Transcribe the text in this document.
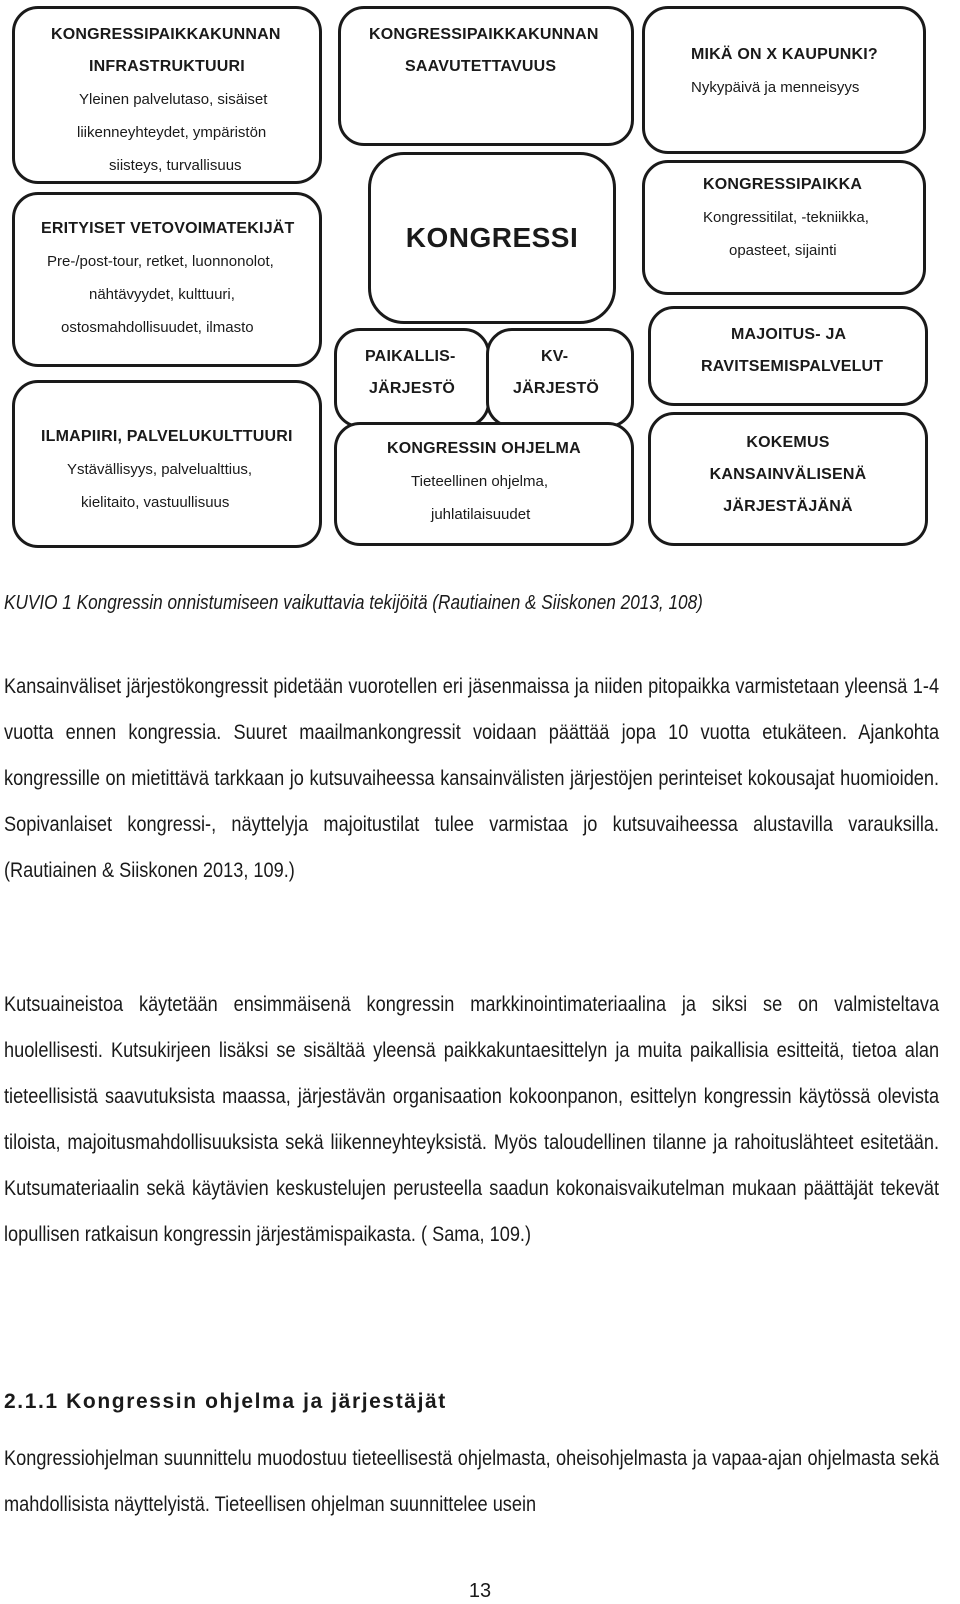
KONGRESSIPAIKKAKUNNAN
INFRASTRUKTUURI
Yleinen palvelutaso, sisäiset
liikenneyhteydet, ympäristön
siisteys, turvallisuus
KONGRESSIPAIKKAKUNNAN
SAAVUTETTAVUUS
MIKÄ ON X KAUPUNKI?
Nykypäivä ja menneisyys
ERITYISET VETOVOIMATEKIJÄT
Pre-/post-tour, retket, luonnonolot,
nähtävyydet, kulttuuri,
ostosmahdollisuudet, ilmasto
KONGRESSI
KONGRESSIPAIKKA
Kongressitilat, -tekniikka,
opasteet, sijainti
PAIKALLIS-
JÄRJESTÖ
KV-
JÄRJESTÖ
MAJOITUS- JA
RAVITSEMISPALVELUT
ILMAPIIRI, PALVELUKULTTUURI
Ystävällisyys, palvelualttius,
kielitaito, vastuullisuus
KONGRESSIN OHJELMA
Tieteellinen ohjelma,
juhlatilaisuudet
KOKEMUS
KANSAINVÄLISENÄ
JÄRJESTÄJÄNÄ
KUVIO 1 Kongressin onnistumiseen vaikuttavia tekijöitä (Rautiainen & Siiskonen 2013, 108)

Kansainväliset järjestökongressit pidetään vuorotellen eri jäsenmaissa ja niiden pitopaikka varmistetaan yleensä 1-4 vuotta ennen kongressia. Suuret maailmankongressit voidaan päättää jopa 10 vuotta etukäteen. Ajankohta kongressille on mietittävä tarkkaan jo kutsuvaiheessa kansainvälisten järjestöjen perinteiset kokousajat huomioiden. Sopivanlaiset kongressi-, näyttelyja majoitustilat tulee varmistaa jo kutsuvaiheessa alustavilla varauksilla. (Rautiainen & Siiskonen 2013, 109.)

Kutsuaineistoa käytetään ensimmäisenä kongressin markkinointimateriaalina ja siksi se on valmisteltava huolellisesti. Kutsukirjeen lisäksi se sisältää yleensä paikkakuntaesittelyn ja muita paikallisia esitteitä, tietoa alan tieteellisistä saavutuksista maassa, järjestävän organisaation kokoonpanon, esittelyn kongressin käytössä olevista tiloista, majoitusmahdollisuuksista sekä liikenneyhteyksistä. Myös taloudellinen tilanne ja rahoituslähteet esitetään. Kutsumateriaalin sekä käytävien keskustelujen perusteella saadun kokonaisvaikutelman mukaan päättäjät tekevät lopullisen ratkaisun kongressin järjestämispaikasta. ( Sama, 109.)

2.1.1 Kongressin ohjelma ja järjestäjät

Kongressiohjelman suunnittelu muodostuu tieteellisestä ohjelmasta, oheisohjelmasta ja vapaa-ajan ohjelmasta sekä mahdollisista näyttelyistä. Tieteellisen ohjelman suunnittelee usein

13
